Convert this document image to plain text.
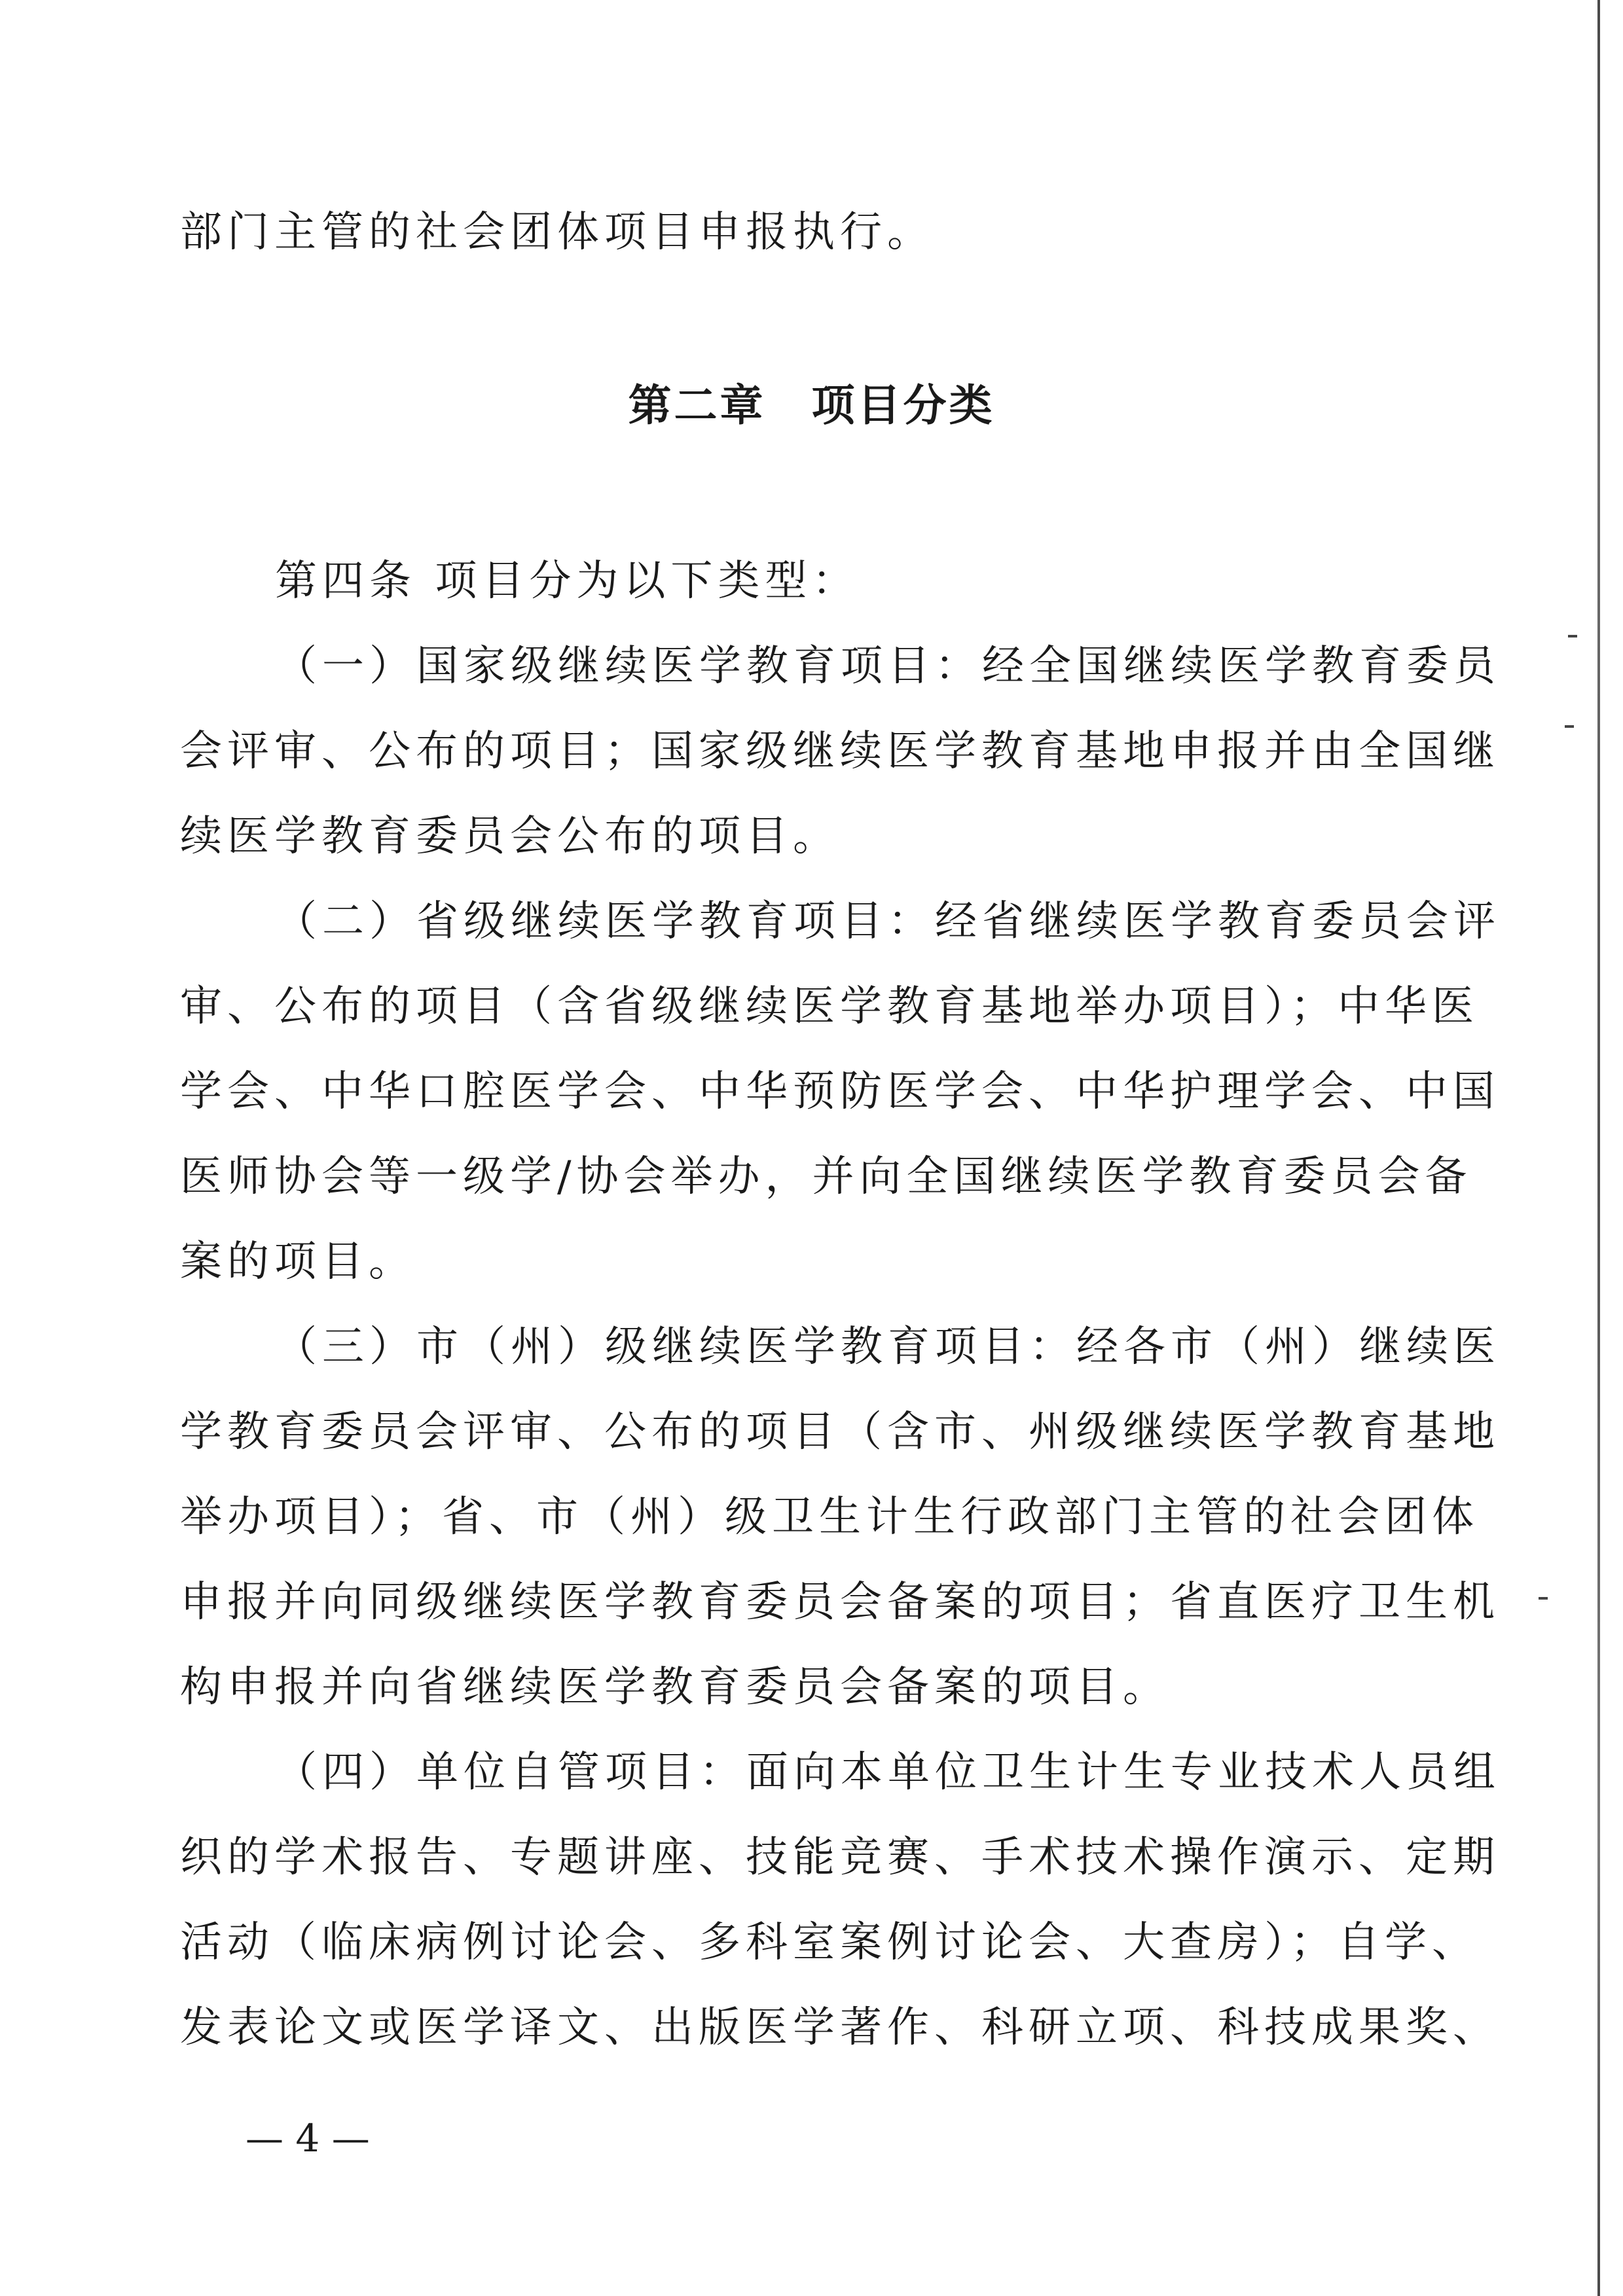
部门主管的社会团体项目申报执行。
第二章　项目分类
第四条 项目分为以下类型：
（一）国家级继续医学教育项目：经全国继续医学教育委员
会评审、公布的项目；国家级继续医学教育基地申报并由全国继
续医学教育委员会公布的项目。
（二）省级继续医学教育项目：经省继续医学教育委员会评
审、公布的项目（含省级继续医学教育基地举办项目）；中华医
学会、中华口腔医学会、中华预防医学会、中华护理学会、中国
医师协会等一级学/协会举办，并向全国继续医学教育委员会备
案的项目。
（三）市（州）级继续医学教育项目：经各市（州）继续医
学教育委员会评审、公布的项目（含市、州级继续医学教育基地
举办项目）；省、市（州）级卫生计生行政部门主管的社会团体
申报并向同级继续医学教育委员会备案的项目；省直医疗卫生机
构申报并向省继续医学教育委员会备案的项目。
（四）单位自管项目：面向本单位卫生计生专业技术人员组
织的学术报告、专题讲座、技能竞赛、手术技术操作演示、定期
活动（临床病例讨论会、多科室案例讨论会、大查房）；自学、
发表论文或医学译文、出版医学著作、科研立项、科技成果奖、
— 4 —
